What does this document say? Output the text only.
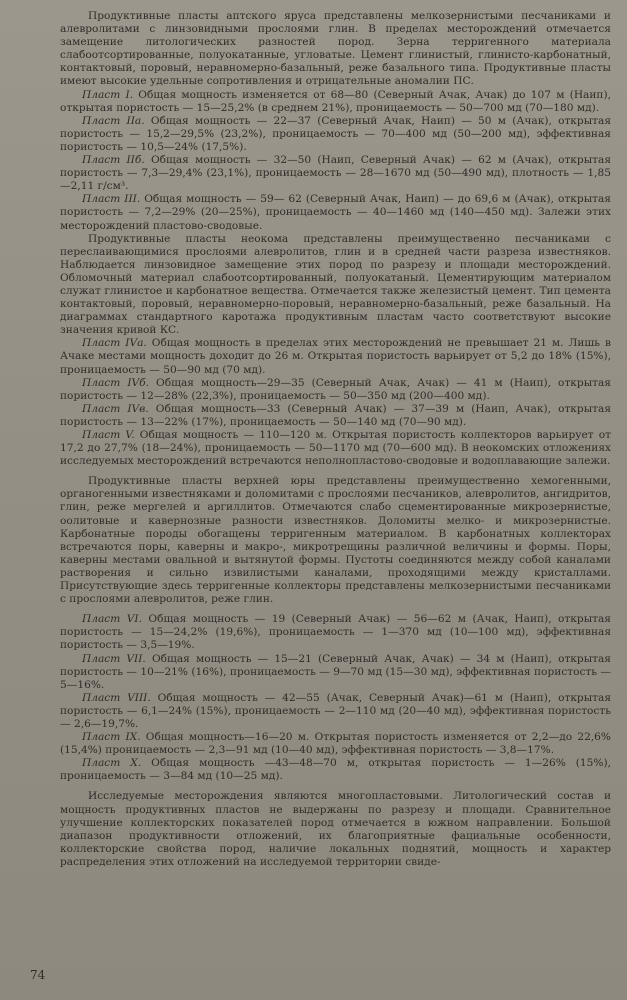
Продуктивные пласты аптского яруса представлены мелкозернистыми песчаниками и алевролитами с линзовидными прослоями глин. В пределах месторождений отмечается замещение литологических разностей пород. Зерна терригенного материала слабоотсортированные, полуокатанные, угловатые. Цемент глинистый, глинисто-карбонатный, контактовый, поровый, неравномерно-базальный, реже базального типа. Продуктивные пласты имеют высокие удельные сопротивления и отрицательные аномалии ПС.

Пласт I. Общая мощность изменяется от 68—80 (Северный Ачак, Ачак) до 107 м (Наип), открытая пористость — 15—25,2% (в среднем 21%), проницаемость — 50—700 мд (70—180 мд).

Пласт IIа. Общая мощность — 22—37 (Северный Ачак, Наип) — 50 м (Ачак), открытая пористость — 15,2—29,5% (23,2%), проницаемость — 70—400 мд (50—200 мд), эффективная пористость — 10,5—24% (17,5%).

Пласт IIб. Общая мощность — 32—50 (Наип, Северный Ачак) — 62 м (Ачак), открытая пористость — 7,3—29,4% (23,1%), проницаемость — 28—1670 мд (50—490 мд), плотность — 1,85—2,11 г/см³.

Пласт III. Общая мощность — 59— 62 (Северный Ачак, Наип) — до 69,6 м (Ачак), открытая пористость — 7,2—29% (20—25%), проницаемость — 40—1460 мд (140—450 мд). Залежи этих месторождений пластово-сводовые.

Продуктивные пласты неокома представлены преимущественно песчаниками с переслаивающимися прослоями алевролитов, глин и в средней части разреза известняков. Наблюдается линзовидное замещение этих пород по разрезу и площади месторождений. Обломочный материал слабоотсортированный, полуокатаный. Цементирующим материалом служат глинистое и карбонатное вещества. Отмечается также железистый цемент. Тип цемента контактовый, поровый, неравномерно-поровый, неравномерно-базальный, реже базальный. На диаграммах стандартного каротажа продуктивным пластам часто соответствуют высокие значения кривой КС.

Пласт IVа. Общая мощность в пределах этих месторождений не превышает 21 м. Лишь в Ачаке местами мощность доходит до 26 м. Открытая пористость варьирует от 5,2 до 18% (15%), проницаемость — 50—90 мд (70 мд).

Пласт IVб. Общая мощность—29—35 (Северный Ачак, Ачак) — 41 м (Наип), открытая пористость — 12—28% (22,3%), проницаемость — 50—350 мд (200—400 мд).

Пласт IVв. Общая мощность—33 (Северный Ачак) — 37—39 м (Наип, Ачак), открытая пористость — 13—22% (17%), проницаемость — 50—140 мд (70—90 мд).

Пласт V. Общая мощность — 110—120 м. Открытая пористость коллекторов варьирует от 17,2 до 27,7% (18—24%), проницаемость — 50—1170 мд (70—600 мд). В неокомских отложениях исследуемых месторождений встречаются неполнопластово-сводовые и водоплавающие залежи.

Продуктивные пласты верхней юры представлены преимущественно хемогенными, органогенными известняками и доломитами с прослоями песчаников, алевролитов, ангидритов, глин, реже мергелей и аргиллитов. Отмечаются слабо сцементированные микрозернистые, оолитовые и кавернозные разности известняков. Доломиты мелко- и микрозернистые. Карбонатные породы обогащены терригенным материалом. В карбонатных коллекторах встречаются поры, каверны и макро-, микротрещины различной величины и формы. Поры, каверны местами овальной и вытянутой формы. Пустоты соединяются между собой каналами растворения и сильно извилистыми каналами, проходящими между кристаллами. Присутствующие здесь терригенные коллекторы представлены мелкозернистыми песчаниками с прослоями алевролитов, реже глин.

Пласт VI. Общая мощность — 19 (Северный Ачак) — 56—62 м (Ачак, Наип), открытая пористость — 15—24,2% (19,6%), проницаемость — 1—370 мд (10—100 мд), эффективная пористость — 3,5—19%.

Пласт VII. Общая мощность — 15—21 (Северный Ачак, Ачак) — 34 м (Наип), открытая пористость — 10—21% (16%), проницаемость — 9—70 мд (15—30 мд), эффективная пористость — 5—16%.

Пласт VIII. Общая мощность — 42—55 (Ачак, Северный Ачак)—61 м (Наип), открытая пористость — 6,1—24% (15%), проницаемость — 2—110 мд (20—40 мд), эффективная пористость — 2,6—19,7%.

Пласт IX. Общая мощность—16—20 м. Открытая пористость изменяется от 2,2—до 22,6% (15,4%) проницаемость — 2,3—91 мд (10—40 мд), эффективная пористость — 3,8—17%.

Пласт X. Общая мощность —43—48—70 м, открытая пористость — 1—26% (15%), проницаемость — 3—84 мд (10—25 мд).

Исследуемые месторождения являются многопластовыми. Литологический состав и мощность продуктивных пластов не выдержаны по разрезу и площади. Сравнительное улучшение коллекторских показателей пород отмечается в южном направлении. Большой диапазон продуктивности отложений, их благоприятные фациальные особенности, коллекторские свойства пород, наличие локальных поднятий, мощность и характер распределения этих отложений на исследуемой территории свиде-

74
